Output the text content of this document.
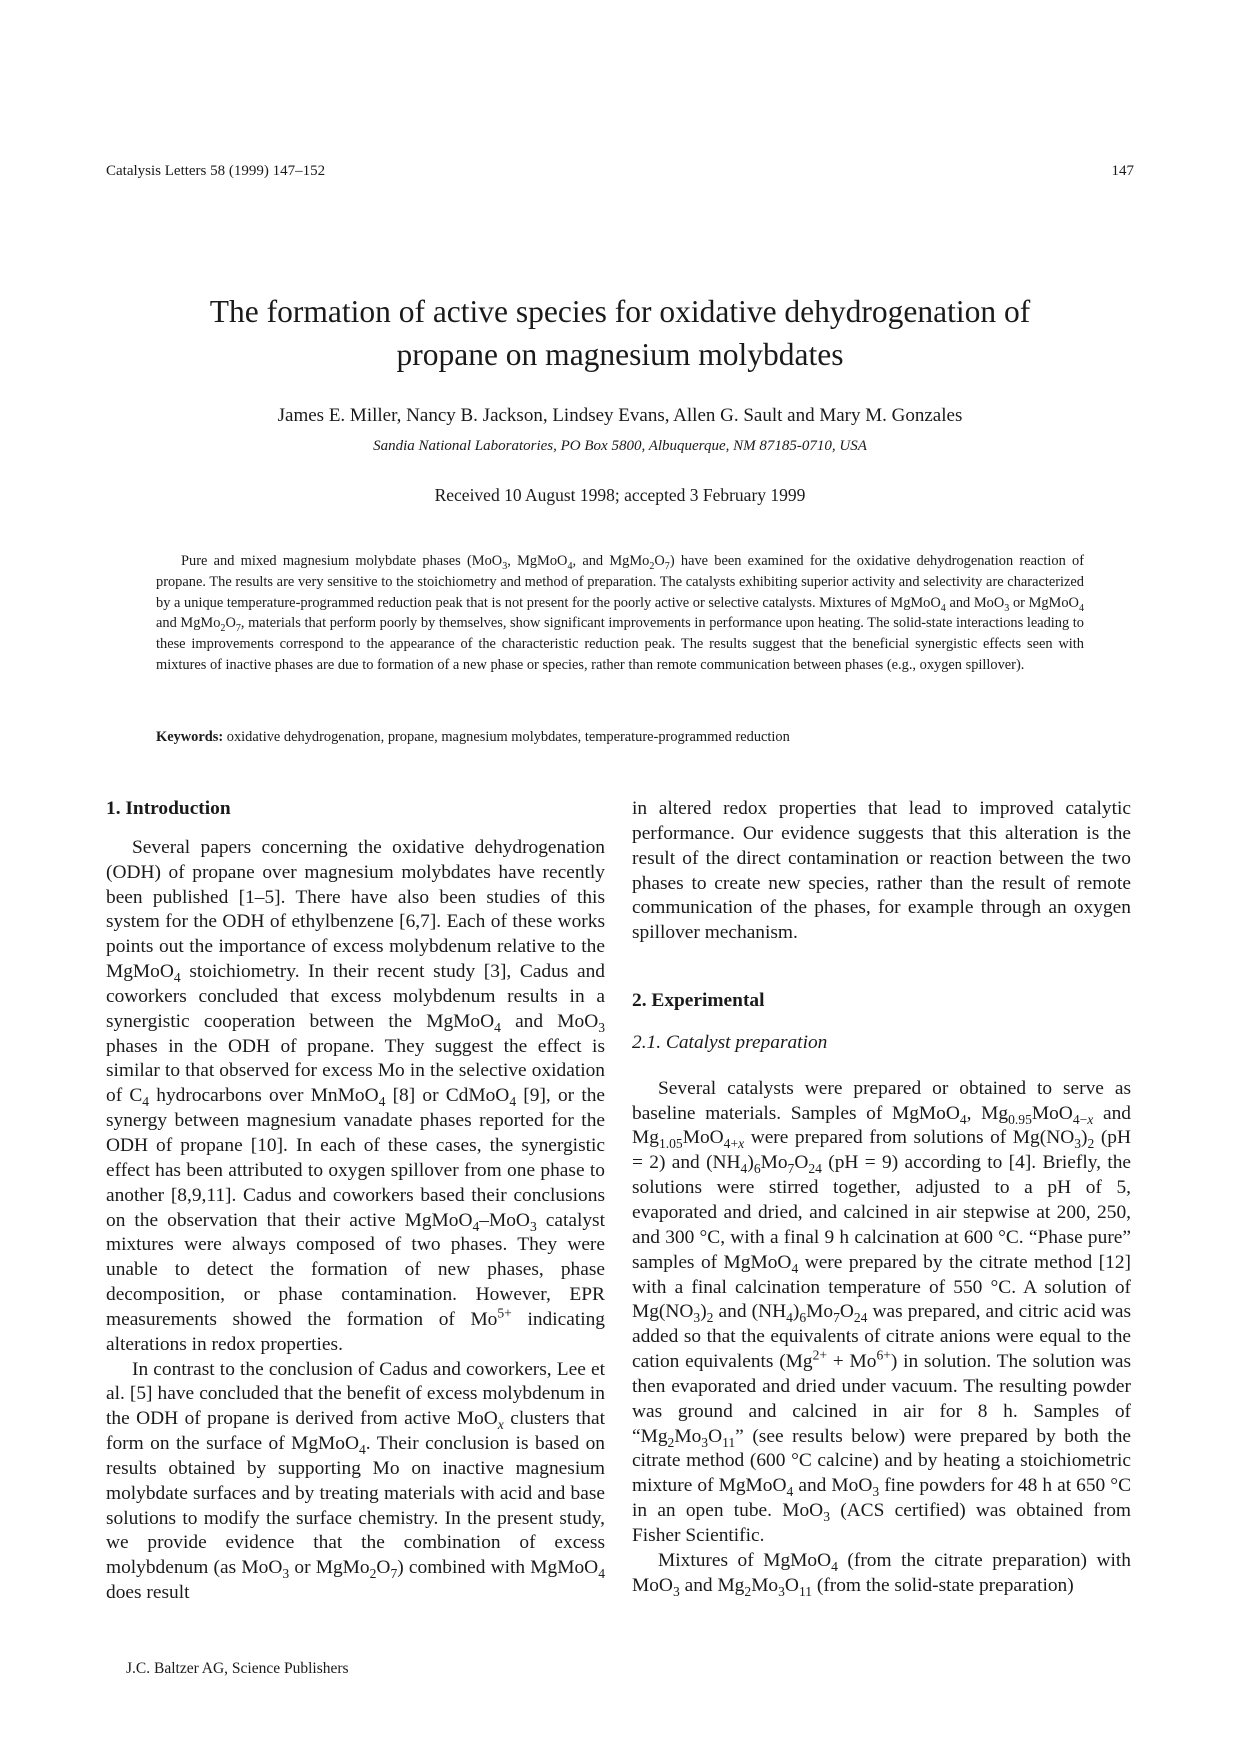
Catalysis Letters 58 (1999) 147–152	147
The formation of active species for oxidative dehydrogenation of
propane on magnesium molybdates
James E. Miller, Nancy B. Jackson, Lindsey Evans, Allen G. Sault and Mary M. Gonzales
Sandia National Laboratories, PO Box 5800, Albuquerque, NM 87185-0710, USA
Received 10 August 1998; accepted 3 February 1999
Pure and mixed magnesium molybdate phases (MoO$_3$, MgMoO$_4$, and $MgMo_2O_7$) have been examined for the oxidative dehydrogenation reaction of propane. The results are very sensitive to the stoichiometry and method of preparation. The catalysts exhibiting superior activity and selectivity are characterized by a unique temperature-programmed reduction peak that is not present for the poorly active or selective catalysts. Mixtures of MgMoO$_4$ and MoO$_3$ or MgMoO$_4$ and $MgMo_2O_7$, materials that perform poorly by themselves, show significant improvements in performance upon heating. The solid-state interactions leading to these improvements correspond to the appearance of the characteristic reduction peak. The results suggest that the beneficial synergistic effects seen with mixtures of inactive phases are due to formation of a new phase or species, rather than remote communication between phases (e.g., oxygen spillover).
Keywords: oxidative dehydrogenation, propane, magnesium molybdates, temperature-programmed reduction
1. Introduction

Several papers concerning the oxidative dehydrogenation (ODH) of propane over magnesium molybdates have recently been published [1–5]. There have also been studies of this system for the ODH of ethylbenzene [6,7]. Each of these works points out the importance of excess molybdenum relative to the MgMoO$_4$ stoichiometry. In their recent study [3], Cadus and coworkers concluded that excess molybdenum results in a synergistic cooperation between the MgMoO$_4$ and MoO$_3$ phases in the ODH of propane. They suggest the effect is similar to that observed for excess Mo in the selective oxidation of $C_4$ hydrocarbons over MnMoO$_4$ [8] or CdMoO$_4$ [9], or the synergy between magnesium vanadate phases reported for the ODH of propane [10]. In each of these cases, the synergistic effect has been attributed to oxygen spillover from one phase to another [8,9,11]. Cadus and coworkers based their conclusions on the observation that their active MgMoO$_4$–MoO$_3$ catalyst mixtures were always composed of two phases. They were unable to detect the formation of new phases, phase decomposition, or phase contamination. However, EPR measurements showed the formation of $Mo^{5+}$ indicating alterations in redox properties.

In contrast to the conclusion of Cadus and coworkers, Lee et al. [5] have concluded that the benefit of excess molybdenum in the ODH of propane is derived from active MoO$_x$ clusters that form on the surface of MgMoO$_4$. Their conclusion is based on results obtained by supporting Mo on inactive magnesium molybdate surfaces and by treating materials with acid and base solutions to modify the surface chemistry. In the present study, we provide evidence that the combination of excess molybdenum (as MoO$_3$ or $MgMo_2O_7$) combined with MgMoO$_4$ does result

in altered redox properties that lead to improved catalytic performance. Our evidence suggests that this alteration is the result of the direct contamination or reaction between the two phases to create new species, rather than the result of remote communication of the phases, for example through an oxygen spillover mechanism.

2. Experimental
2.1. Catalyst preparation

Several catalysts were prepared or obtained to serve as baseline materials. Samples of MgMoO$_4$, $Mg_{0.95}MoO_{4-x}$ and $Mg_{1.05}MoO_{4+x}$ were prepared from solutions of $Mg(NO_3)_2$ (pH = 2) and $(NH_4)_6Mo_7O_{24}$ (pH = 9) according to [4]. Briefly, the solutions were stirred together, adjusted to a pH of 5, evaporated and dried, and calcined in air stepwise at 200, 250, and 300 °C, with a final 9 h calcination at 600 °C. “Phase pure” samples of MgMoO$_4$ were prepared by the citrate method [12] with a final calcination temperature of 550 °C. A solution of $Mg(NO_3)_2$ and $(NH_4)_6Mo_7O_{24}$ was prepared, and citric acid was added so that the equivalents of citrate anions were equal to the cation equivalents $(Mg^{2+} + Mo^{6+})$ in solution. The solution was then evaporated and dried under vacuum. The resulting powder was ground and calcined in air for 8 h. Samples of “$Mg_2Mo_3O_{11}$” (see results below) were prepared by both the citrate method (600 °C calcine) and by heating a stoichiometric mixture of MgMoO$_4$ and MoO$_3$ fine powders for 48 h at 650 °C in an open tube. MoO$_3$ (ACS certified) was obtained from Fisher Scientific.

Mixtures of MgMoO$_4$ (from the citrate preparation) with MoO$_3$ and $Mg_2Mo_3O_{11}$ (from the solid-state preparation)

J.C. Baltzer AG, Science Publishers
